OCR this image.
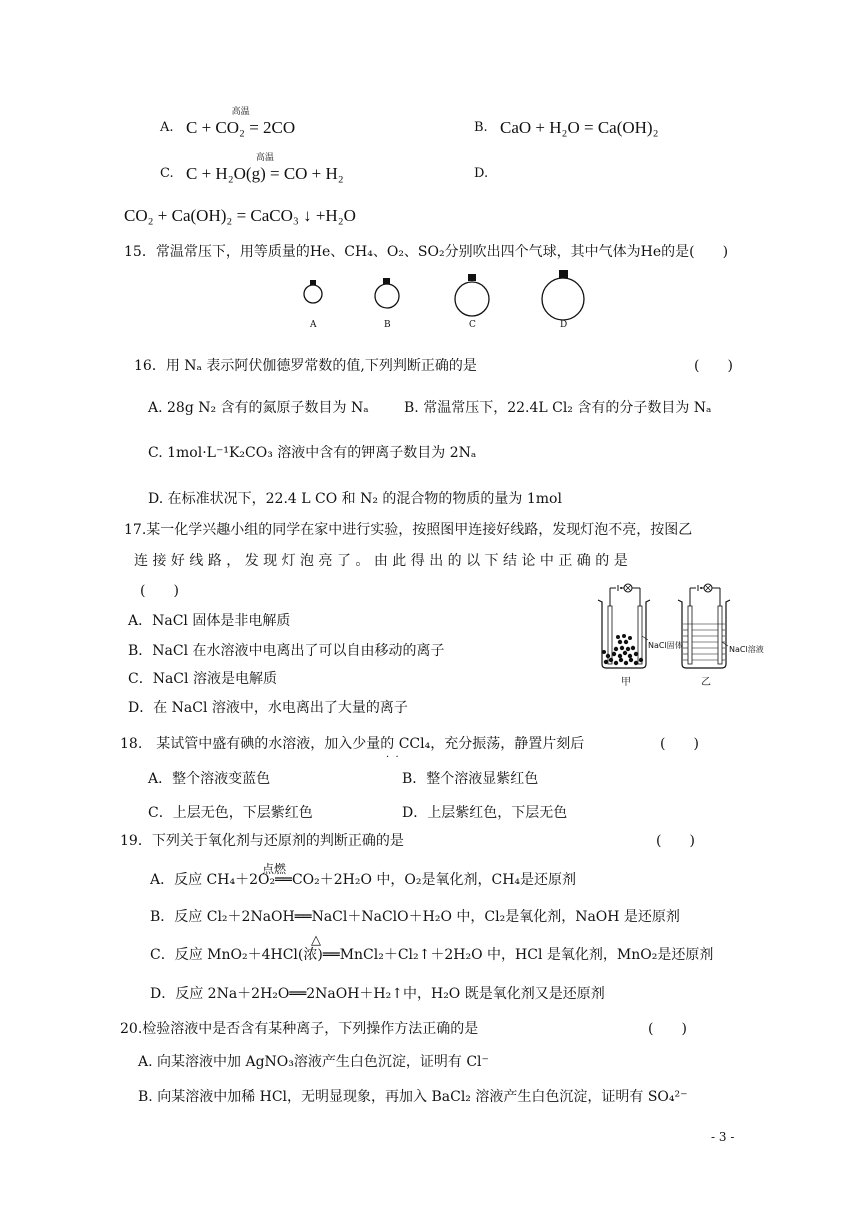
A.
高温
C + CO₂ = 2CO	B. CaO + H₂O = Ca(OH)₂
C.
高温
C + H₂O(g) = CO + H₂	D.
CO₂ + Ca(OH)₂ = CaCO₃ ↓ +H₂O
15．常温常压下，用等质量的He、CH₄、O₂、SO₂分别吹出四个气球，其中气体为He的是(　　)
A	B	C	D
16．用 Nₐ 表示阿伏伽德罗常数的值,下列判断正确的是	(　　)
A. 28g N₂ 含有的氮原子数目为 Nₐ	B. 常温常压下，22.4L Cl₂ 含有的分子数目为 Nₐ
C. 1mol·L⁻¹K₂CO₃ 溶液中含有的钾离子数目为 2Nₐ
D. 在标准状况下，22.4 L CO 和 N₂ 的混合物的物质的量为 1mol
17.某一化学兴趣小组的同学在家中进行实验，按照图甲连接好线路，发现灯泡不亮，按图乙
连 接 好 线 路 ， 发 现 灯 泡 亮 了 。 由 此 得 出 的 以 下 结 论 中 正 确 的 是
(　　)
A．NaCl 固体是非电解质
B．NaCl 在水溶液中电离出了可以自由移动的离子
C．NaCl 溶液是电解质
D．在 NaCl 溶液中，水电离出了大量的离子
NaCl固体	NaCl溶液
甲	乙
18.　某试管中盛有碘的水溶液，加入少量的 CCl₄，充分振荡，静置片刻后
·  ·
(　　)
A．整个溶液变蓝色	B．整个溶液显紫红色
C．上层无色，下层紫红色	D．上层紫红色，下层无色
19．下列关于氧化剂与还原剂的判断正确的是	(　　)
点燃
A．反应 CH₄＋2O₂══CO₂＋2H₂O 中，O₂是氧化剂，CH₄是还原剂
B．反应 Cl₂＋2NaOH══NaCl＋NaClO＋H₂O 中，Cl₂是氧化剂，NaOH 是还原剂
△
C．反应 MnO₂＋4HCl(浓)══MnCl₂＋Cl₂↑＋2H₂O 中，HCl 是氧化剂，MnO₂是还原剂
D．反应 2Na＋2H₂O══2NaOH＋H₂↑中，H₂O 既是氧化剂又是还原剂
20.检验溶液中是否含有某种离子，下列操作方法正确的是	(　　)
A. 向某溶液中加 AgNO₃溶液产生白色沉淀，证明有 Cl⁻
B. 向某溶液中加稀 HCl，无明显现象，再加入 BaCl₂ 溶液产生白色沉淀，证明有 SO₄²⁻
- 3 -
